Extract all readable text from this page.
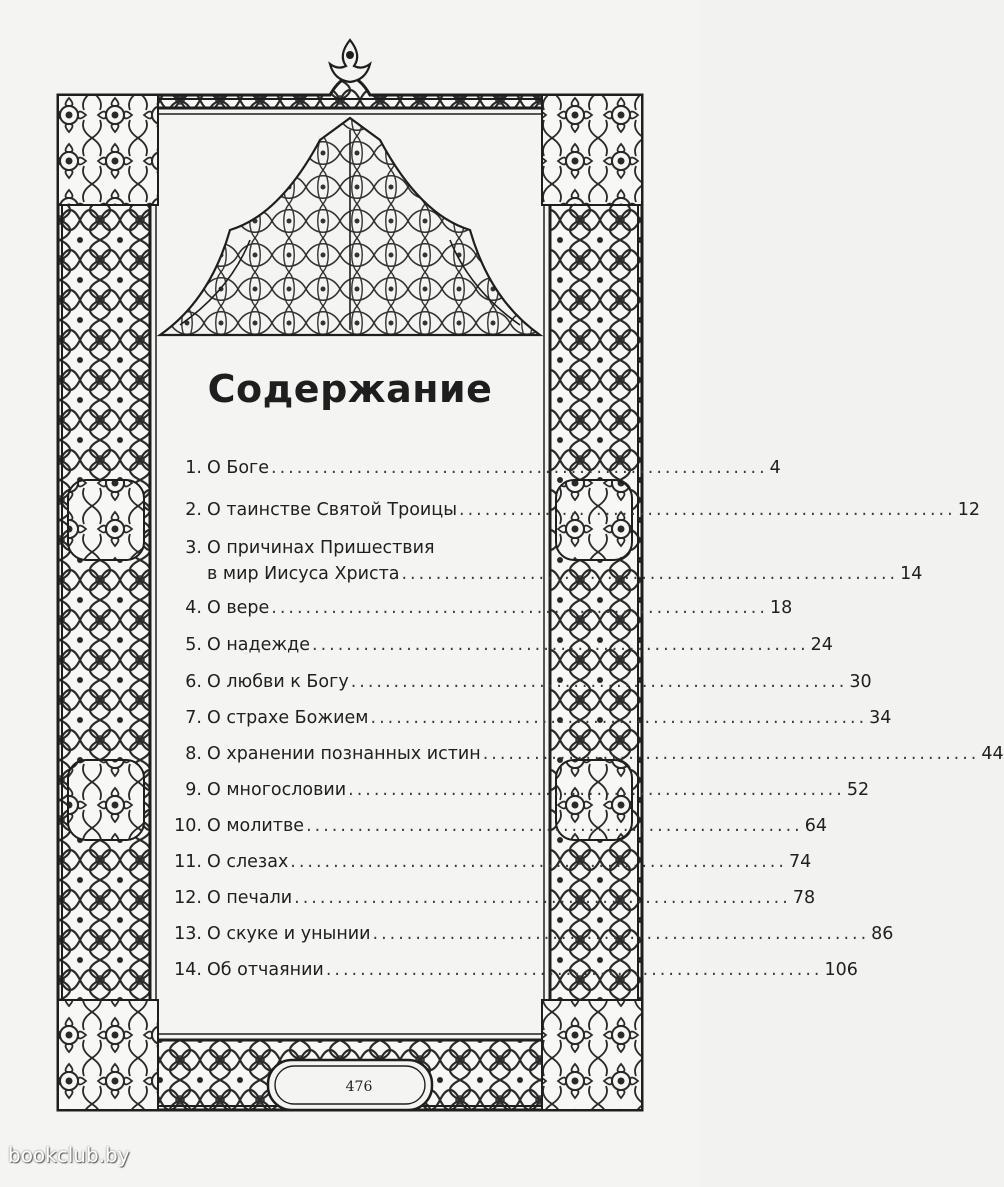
Содержание
1. О Боге .......................................................... 4
2. О таинстве Святой Троицы .......................................................... 12
3. О причинах Пришествия
в мир Иисуса Христа .......................................................... 14
4. О вере .......................................................... 18
5. О надежде .......................................................... 24
6. О любви к Богу .......................................................... 30
7. О страхе Божием .......................................................... 34
8. О хранении познанных истин .......................................................... 44
9. О многословии .......................................................... 52
10. О молитве .......................................................... 64
11. О слезах .......................................................... 74
12. О печали .......................................................... 78
13. О скуке и унынии .......................................................... 86
14. Об отчаянии .......................................................... 106
476
bookclub.by
